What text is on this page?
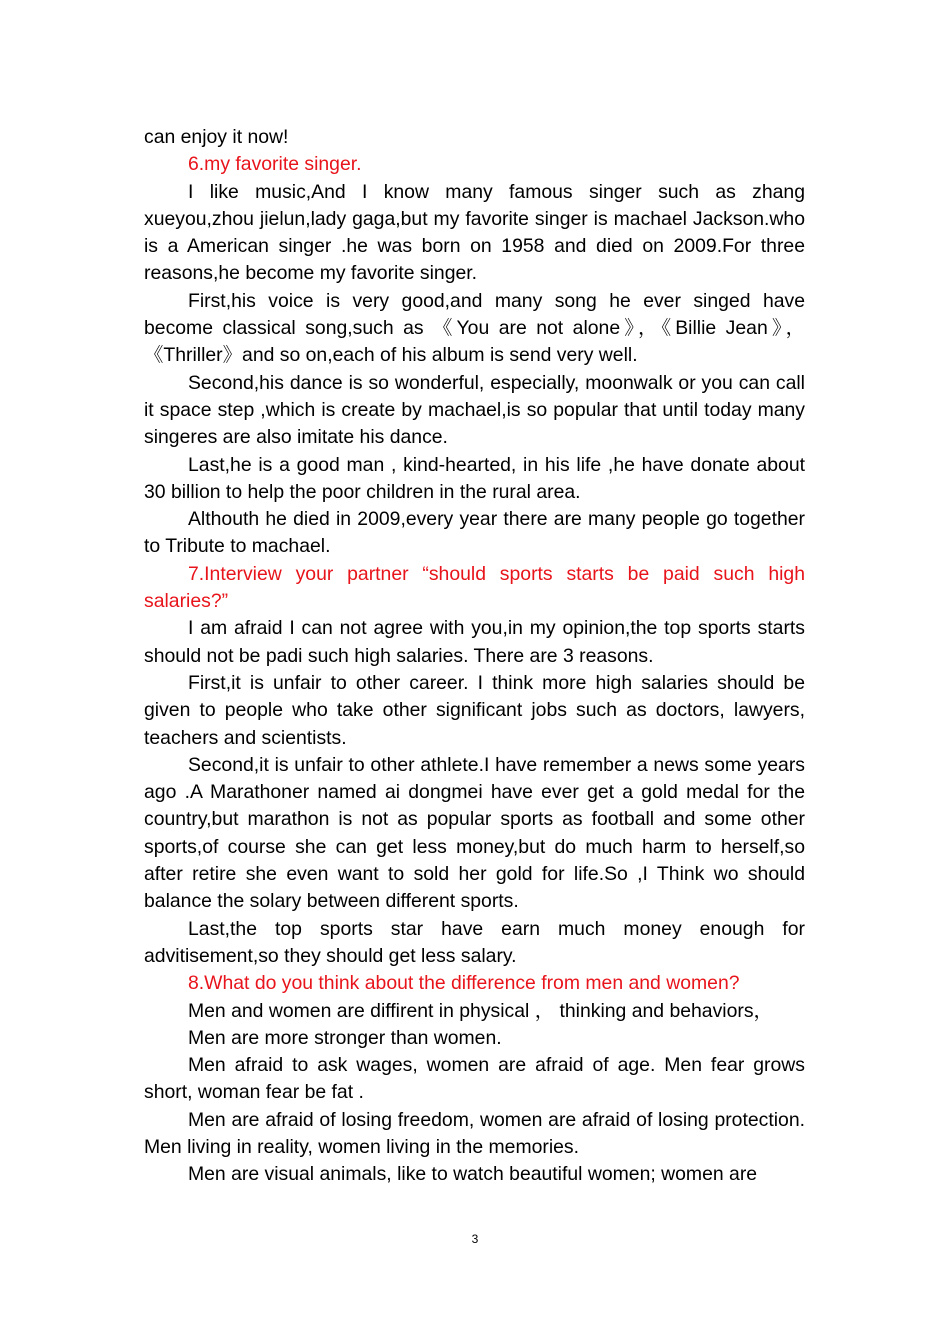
can enjoy it now!

6.my favorite singer.

I like music,And I know many famous singer such as zhang xueyou,zhou jielun,lady gaga,but my favorite singer is machael Jackson.who is a American singer .he was born on 1958 and died on 2009.For three reasons,he become my favorite singer.

First,his voice is very good,and many song he ever singed have become classical song,such as 《You are not alone》，《Billie Jean》，《Thriller》and so on,each of his album is send very well.

Second,his dance is so wonderful, especially, moonwalk or you can call it space step ,which is create by machael,is so popular that until today many singeres are also imitate his dance.

Last,he is a good man , kind-hearted, in his life ,he have donate about 30 billion to help the poor children in the rural area.

Althouth he died in 2009,every year there are many people go together to Tribute to machael.

7.Interview your partner “should sports starts be paid such high salaries?”

I am afraid I can not agree with you,in my opinion,the top sports starts should not be padi such high salaries. There are 3 reasons.

First,it is unfair to other career. I think more high salaries should be given to people who take other significant jobs such as doctors, lawyers, teachers and scientists.

Second,it is unfair to other athlete.I have remember a news some years ago .A Marathoner named ai dongmei have ever get a gold medal for the country,but marathon is not as popular sports as football and some other sports,of course she can get less money,but do much harm to herself,so after retire she even want to sold her gold for life.So ,I Think wo should balance the solary between different sports.

Last,the top sports star have earn much money enough for advitisement,so they should get less salary.

8.What do you think about the difference from men and women?

Men and women are diffirent in physical ， thinking and behaviors，

Men are more stronger than women.

Men afraid to ask wages, women are afraid of age. Men fear grows short, woman fear be fat .

Men are afraid of losing freedom, women are afraid of losing protection. Men living in reality, women living in the memories.

Men are visual animals, like to watch beautiful women; women are

3
